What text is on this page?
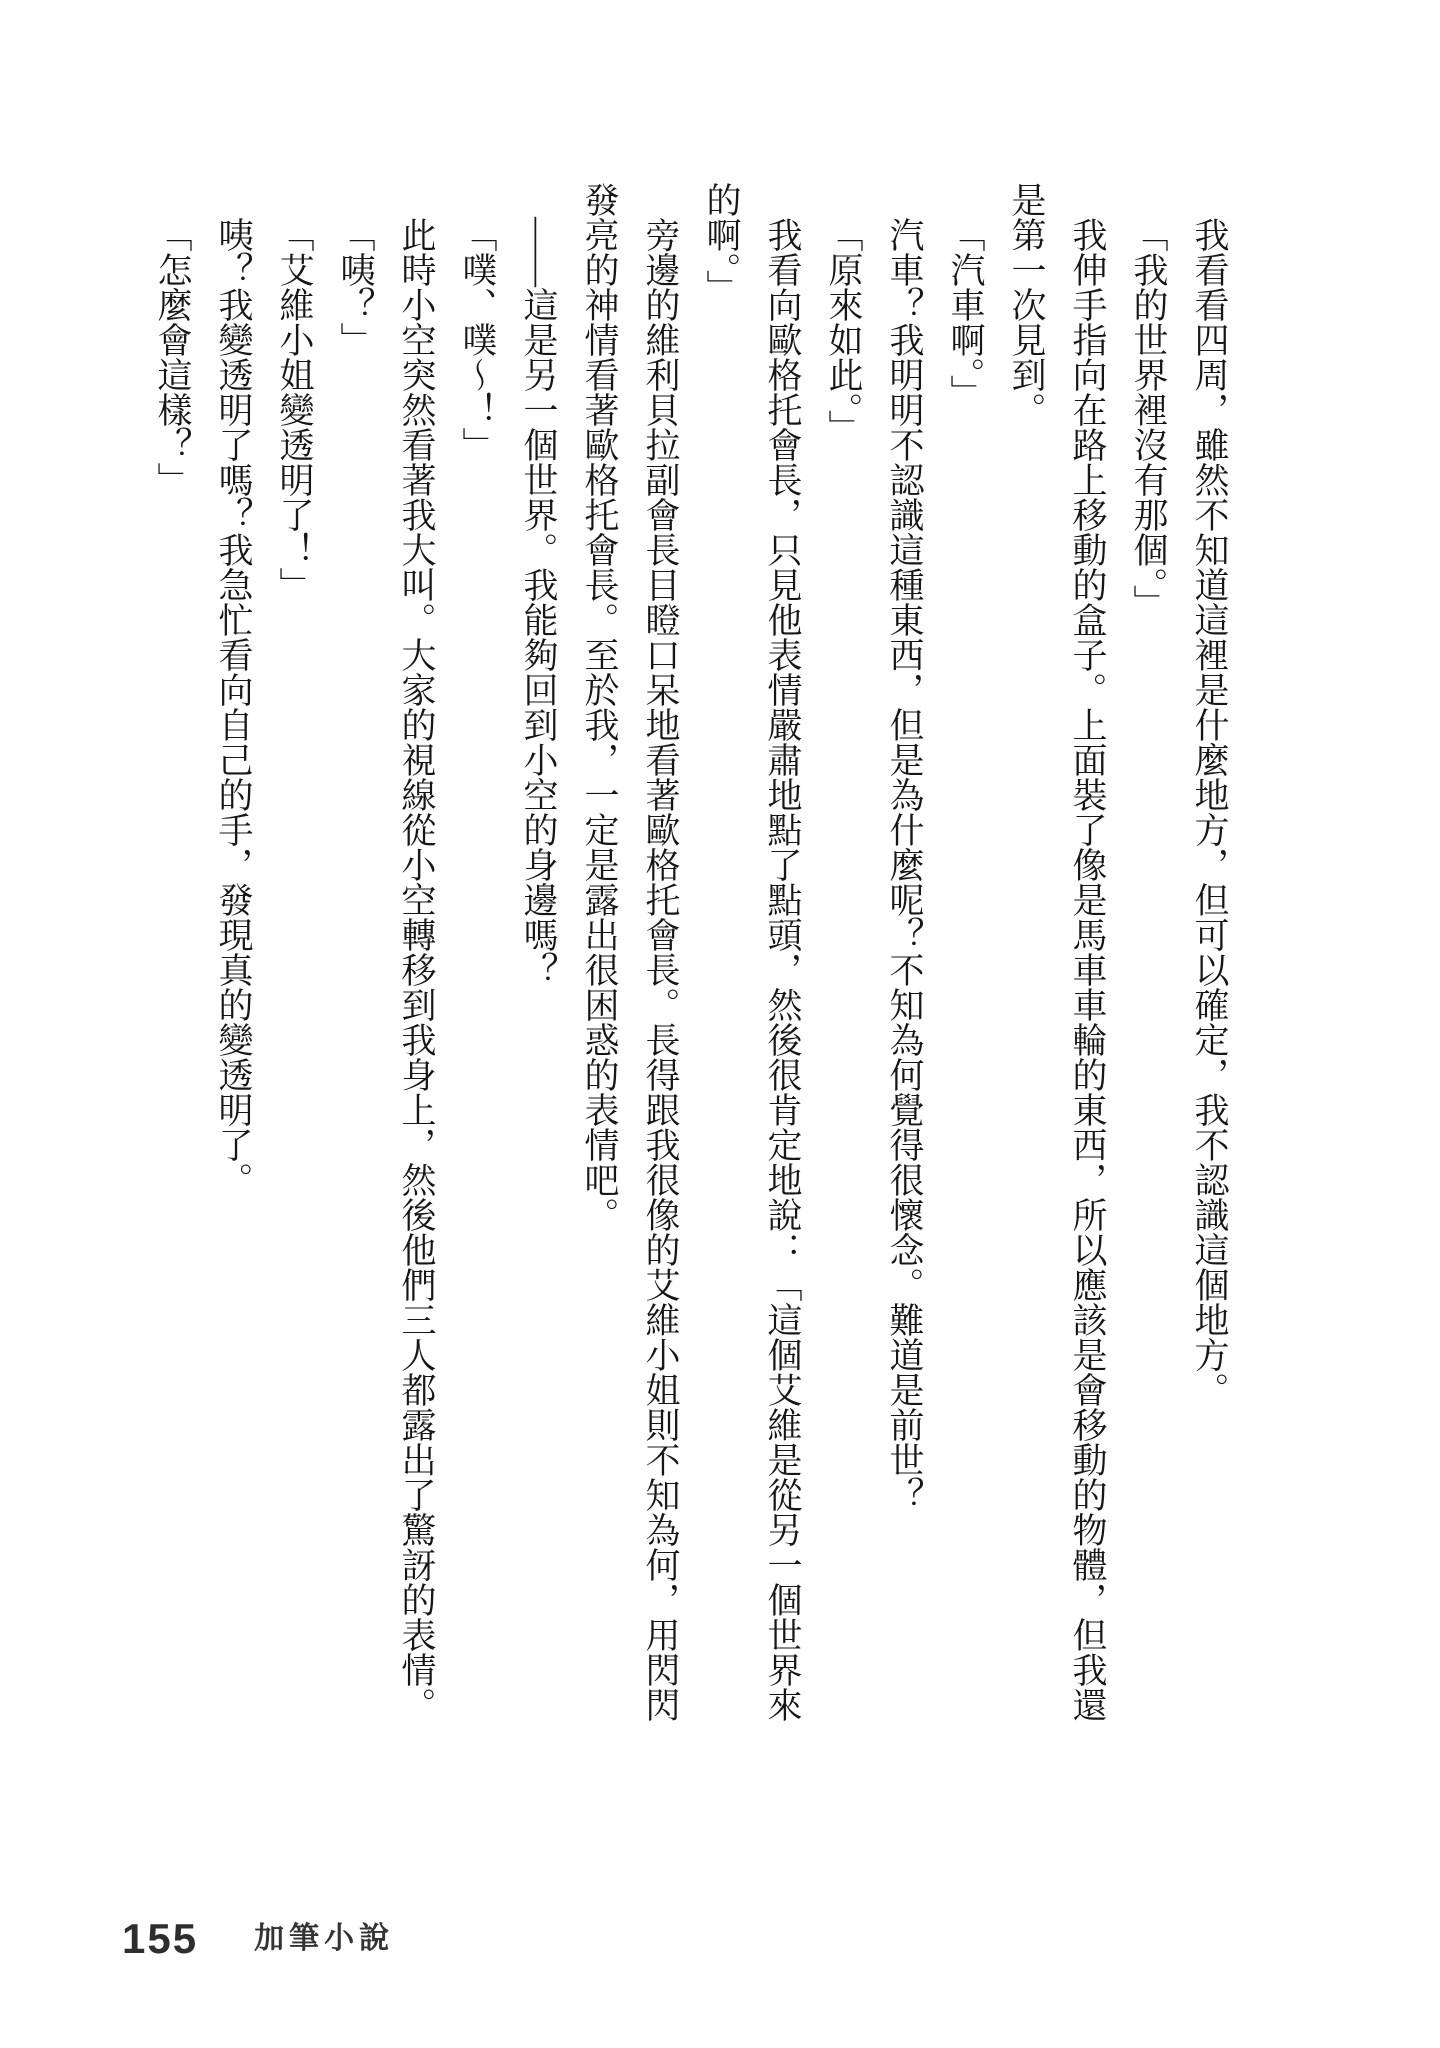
我看看四周，雖然不知道這裡是什麼地方，但可以確定，我不認識這個地方。

「我的世界裡沒有那個。」

我伸手指向在路上移動的盒子。上面裝了像是馬車車輪的東西，所以應該是會移動的物體，但我還是第一次見到。

「汽車啊。」

汽車？我明明不認識這種東西，但是為什麼呢？不知為何覺得很懷念。難道是前世？

「原來如此。」

我看向歐格托會長，只見他表情嚴肅地點了點頭，然後很肯定地說：「這個艾維是從另一個世界來的啊。」

旁邊的維利貝拉副會長目瞪口呆地看著歐格托會長。長得跟我很像的艾維小姐則不知為何，用閃閃發亮的神情看著歐格托會長。至於我，一定是露出很困惑的表情吧。

——這是另一個世界。我能夠回到小空的身邊嗎？

「噗、噗～！」

此時小空突然看著我大叫。大家的視線從小空轉移到我身上，然後他們三人都露出了驚訝的表情。

「咦？」

「艾維小姐變透明了！」

咦？我變透明了嗎？我急忙看向自己的手，發現真的變透明了。

「怎麼會這樣？」

155 加筆小說
